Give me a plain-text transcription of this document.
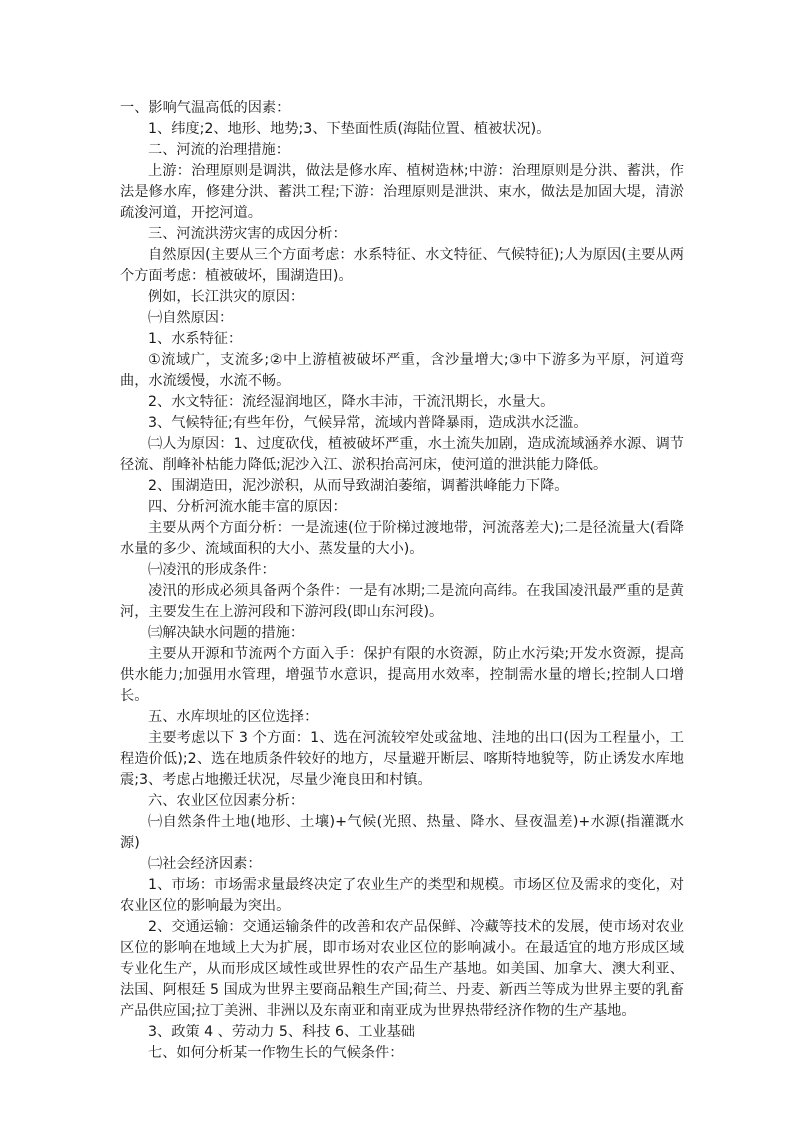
一、影响气温高低的因素：
1、纬度;2、地形、地势;3、下垫面性质(海陆位置、植被状况)。
二、河流的治理措施：
上游：治理原则是调洪，做法是修水库、植树造林;中游：治理原则是分洪、蓄洪，作法是修水库，修建分洪、蓄洪工程;下游：治理原则是泄洪、束水，做法是加固大堤，清淤疏浚河道，开挖河道。
三、河流洪涝灾害的成因分析：
自然原因(主要从三个方面考虑：水系特征、水文特征、气候特征);人为原因(主要从两个方面考虑：植被破坏，围湖造田)。
例如，长江洪灾的原因：
㈠自然原因：
1、水系特征：
①流域广，支流多;②中上游植被破坏严重，含沙量增大;③中下游多为平原，河道弯曲，水流缓慢，水流不畅。
2、水文特征：流经湿润地区，降水丰沛，干流汛期长，水量大。
3、气候特征;有些年份，气候异常，流域内普降暴雨，造成洪水泛滥。
㈡人为原因：1、过度砍伐，植被破坏严重，水土流失加剧，造成流域涵养水源、调节径流、削峰补枯能力降低;泥沙入江、淤积抬高河床，使河道的泄洪能力降低。
2、围湖造田，泥沙淤积，从而导致湖泊萎缩，调蓄洪峰能力下降。
四、分析河流水能丰富的原因：
主要从两个方面分析：一是流速(位于阶梯过渡地带，河流落差大);二是径流量大(看降水量的多少、流域面积的大小、蒸发量的大小)。
㈠凌汛的形成条件：
凌汛的形成必须具备两个条件：一是有冰期;二是流向高纬。在我国凌汛最严重的是黄河，主要发生在上游河段和下游河段(即山东河段)。
㈢解决缺水问题的措施：
主要从开源和节流两个方面入手：保护有限的水资源，防止水污染;开发水资源，提高供水能力;加强用水管理，增强节水意识，提高用水效率，控制需水量的增长;控制人口增长。
五、水库坝址的区位选择：
主要考虑以下 3 个方面：1、选在河流较窄处或盆地、洼地的出口(因为工程量小，工程造价低);2、选在地质条件较好的地方，尽量避开断层、喀斯特地貌等，防止诱发水库地震;3、考虑占地搬迁状况，尽量少淹良田和村镇。
六、农业区位因素分析：
㈠自然条件土地(地形、土壤)+气候(光照、热量、降水、昼夜温差)+水源(指灌溉水源)
㈡社会经济因素：
1、市场：市场需求量最终决定了农业生产的类型和规模。市场区位及需求的变化，对农业区位的影响最为突出。
2、交通运输：交通运输条件的改善和农产品保鲜、冷藏等技术的发展，使市场对农业区位的影响在地域上大为扩展，即市场对农业区位的影响减小。在最适宜的地方形成区域专业化生产，从而形成区域性或世界性的农产品生产基地。如美国、加拿大、澳大利亚、法国、阿根廷 5 国成为世界主要商品粮生产国;荷兰、丹麦、新西兰等成为世界主要的乳畜产品供应国;拉丁美洲、非洲以及东南亚和南亚成为世界热带经济作物的生产基地。
3、政策 4 、劳动力 5、科技 6、工业基础
七、如何分析某一作物生长的气候条件：
